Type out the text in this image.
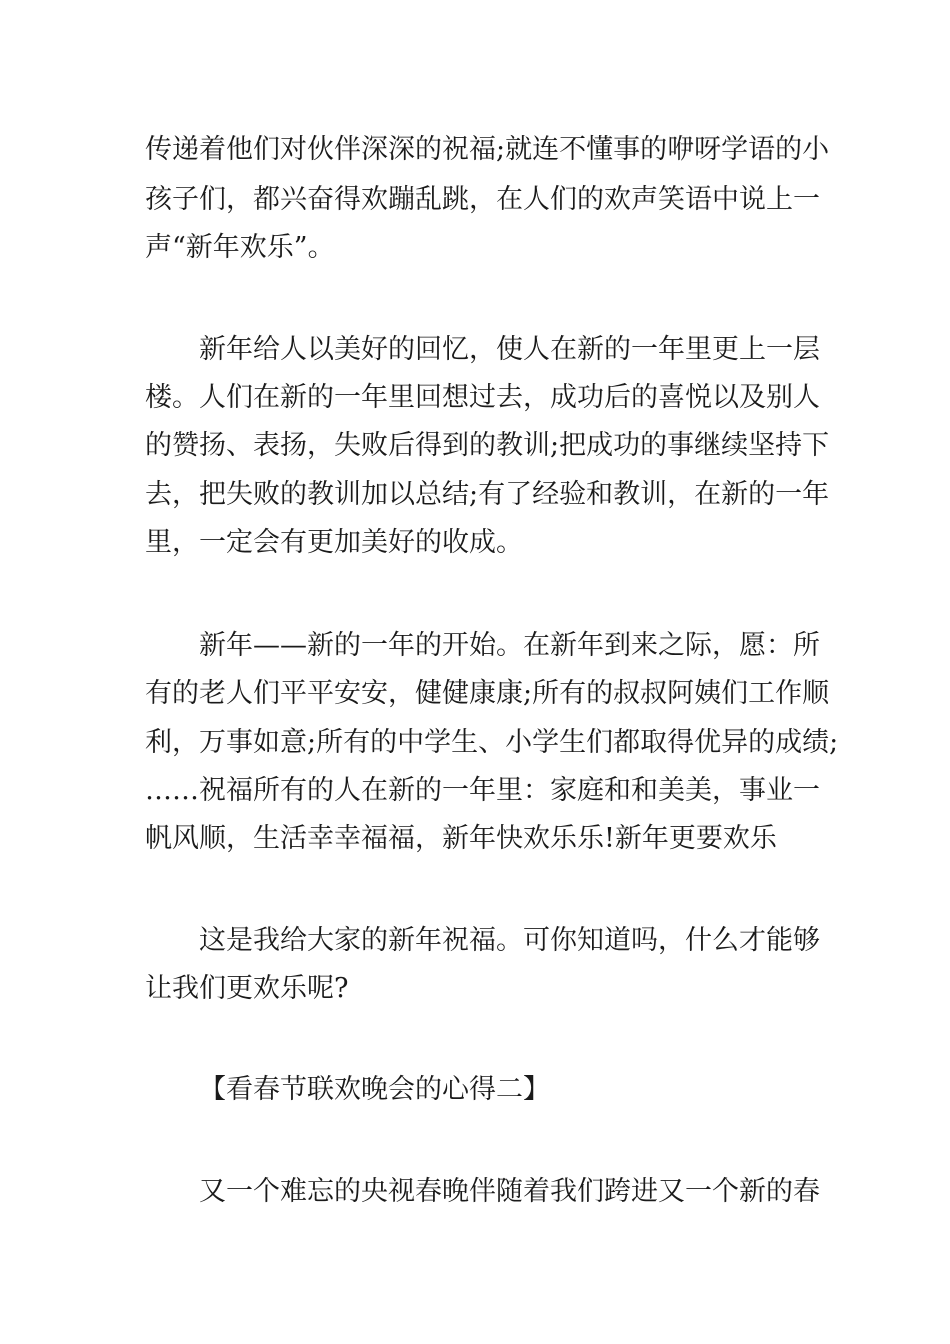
传递着他们对伙伴深深的祝福;就连不懂事的咿呀学语的小
孩子们，都兴奋得欢蹦乱跳，在人们的欢声笑语中说上一
声“新年欢乐”。
新年给人以美好的回忆，使人在新的一年里更上一层
楼。人们在新的一年里回想过去，成功后的喜悦以及别人
的赞扬、表扬，失败后得到的教训;把成功的事继续坚持下
去，把失败的教训加以总结;有了经验和教训，在新的一年
里，一定会有更加美好的收成。
新年——新的一年的开始。在新年到来之际，愿：所
有的老人们平平安安，健健康康;所有的叔叔阿姨们工作顺
利，万事如意;所有的中学生、小学生们都取得优异的成绩;
……祝福所有的人在新的一年里：家庭和和美美，事业一
帆风顺，生活幸幸福福，新年快欢乐乐!新年更要欢乐
这是我给大家的新年祝福。可你知道吗，什么才能够
让我们更欢乐呢?
【看春节联欢晚会的心得二】
又一个难忘的央视春晚伴随着我们跨进又一个新的春
